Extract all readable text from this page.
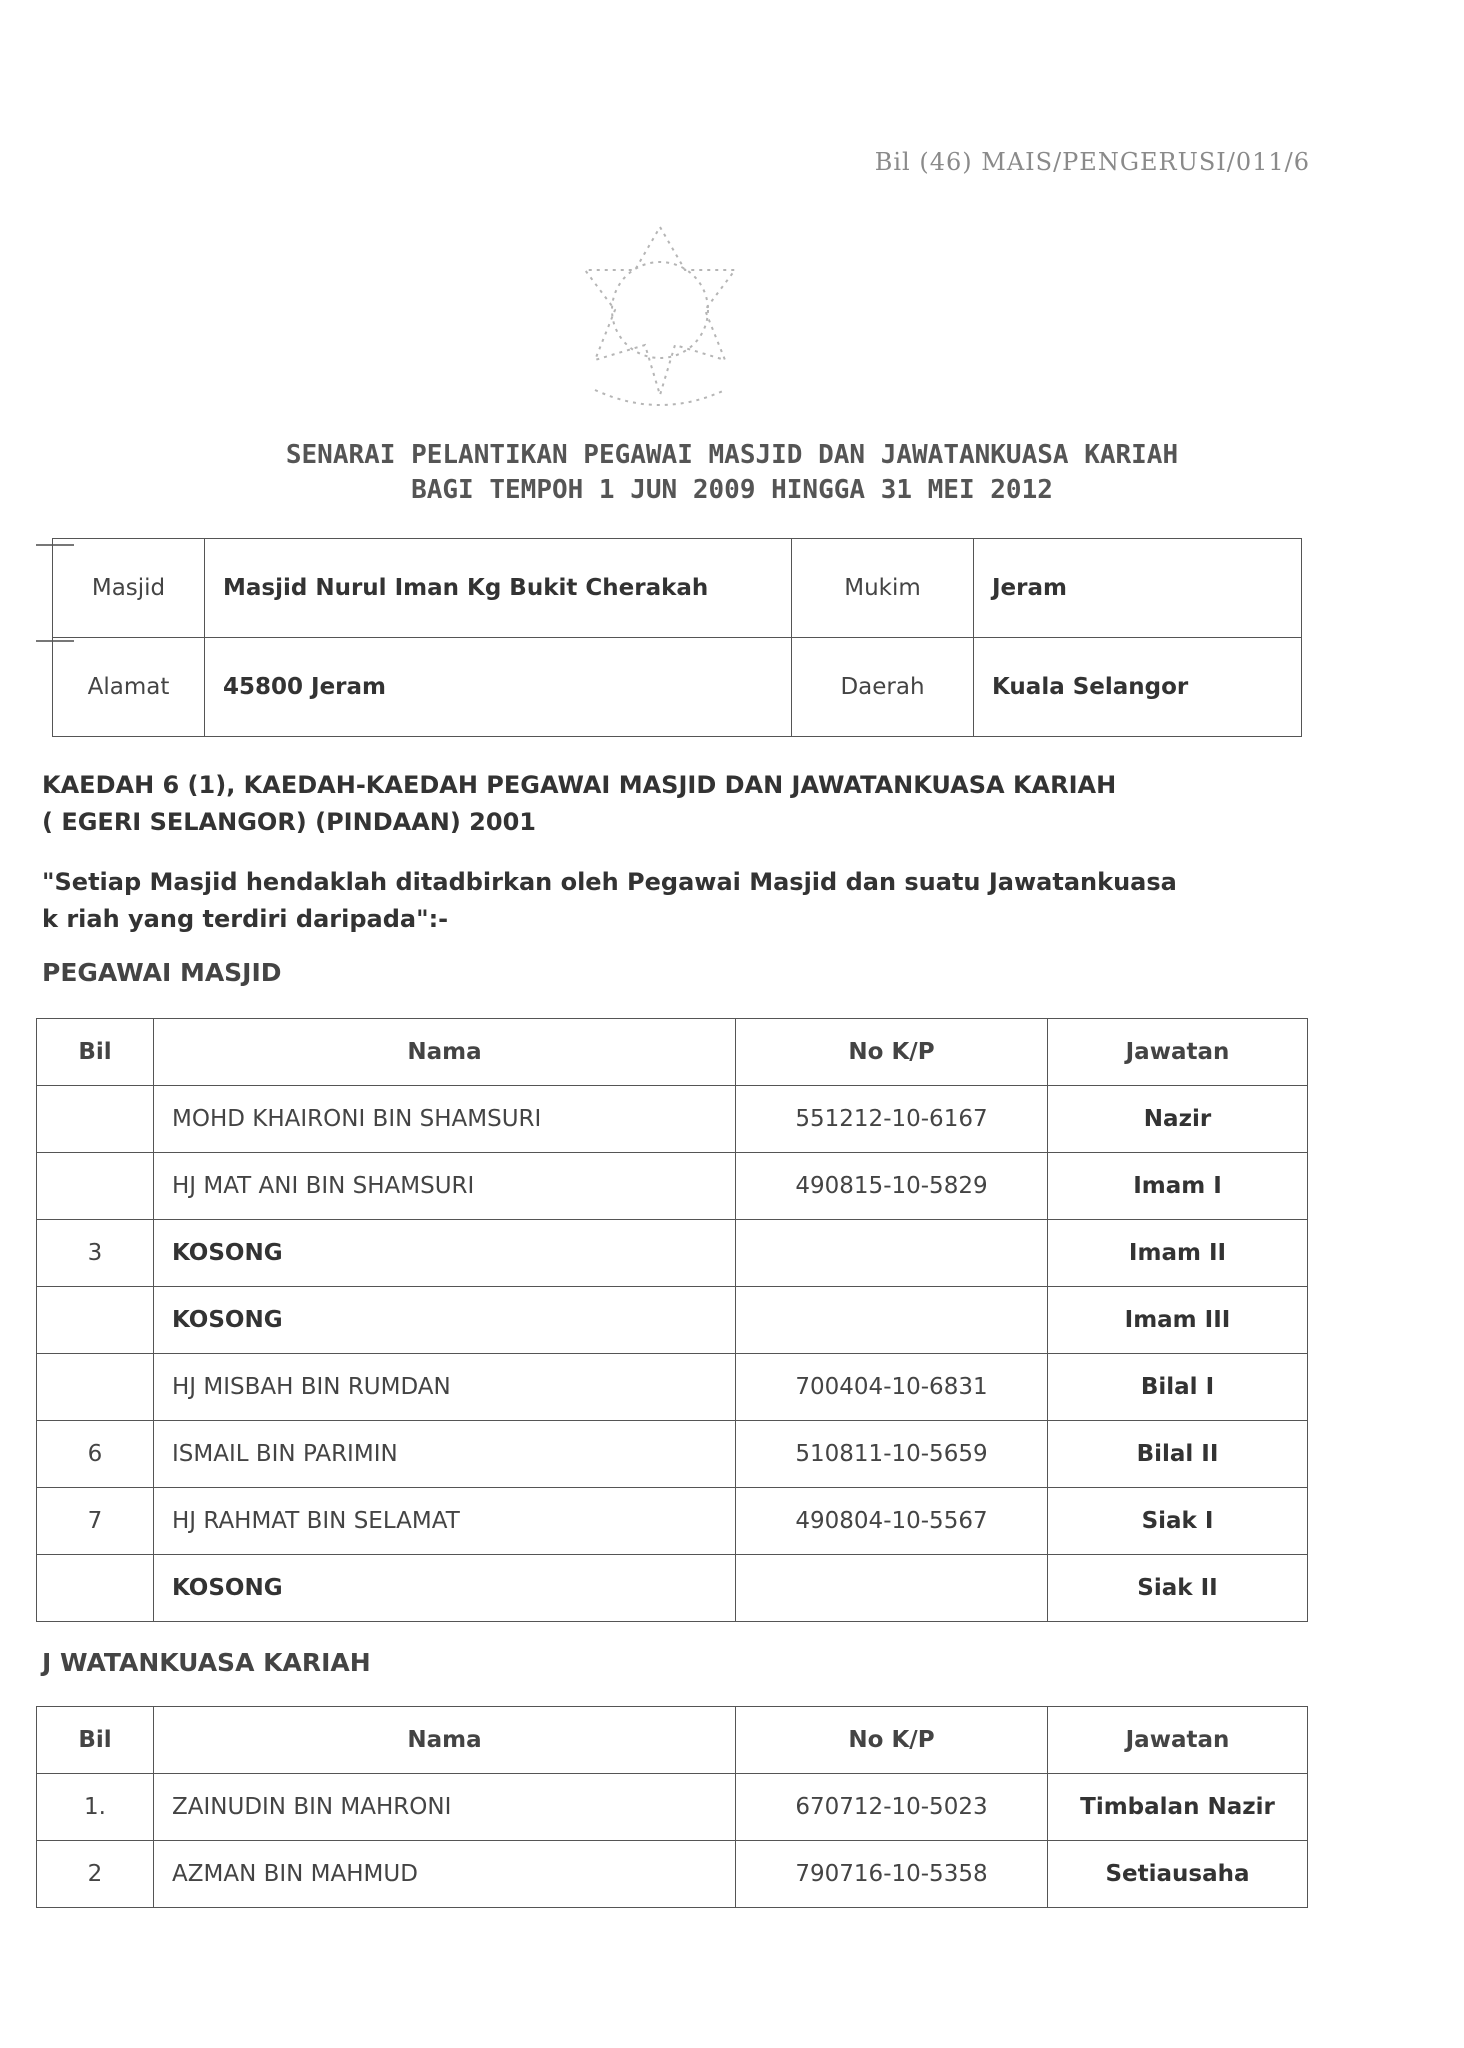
Bil (46) MAIS/PENGERUSI/011/6
SENARAI PELANTIKAN PEGAWAI MASJID DAN JAWATANKUASA KARIAH
BAGI TEMPOH 1 JUN 2009 HINGGA 31 MEI 2012
Masjid	Masjid Nurul Iman Kg Bukit Cherakah	Mukim	Jeram
Alamat	45800 Jeram	Daerah	Kuala Selangor
KAEDAH 6 (1), KAEDAH-KAEDAH PEGAWAI MASJID DAN JAWATANKUASA KARIAH
( EGERI SELANGOR) (PINDAAN) 2001
"Setiap Masjid hendaklah ditadbirkan oleh Pegawai Masjid dan suatu Jawatankuasa
k riah yang terdiri daripada":-
PEGAWAI MASJID
Bil	Nama	No K/P	Jawatan
	MOHD KHAIRONI BIN SHAMSURI	551212-10-6167	Nazir
	HJ MAT ANI BIN SHAMSURI	490815-10-5829	Imam I
3	KOSONG		Imam II
	KOSONG		Imam III
	HJ MISBAH BIN RUMDAN	700404-10-6831	Bilal I
6	ISMAIL BIN PARIMIN	510811-10-5659	Bilal II
7	HJ RAHMAT BIN SELAMAT	490804-10-5567	Siak I
	KOSONG		Siak II
J WATANKUASA KARIAH
Bil	Nama	No K/P	Jawatan
1.	ZAINUDIN BIN MAHRONI	670712-10-5023	Timbalan Nazir
2	AZMAN BIN MAHMUD	790716-10-5358	Setiausaha
